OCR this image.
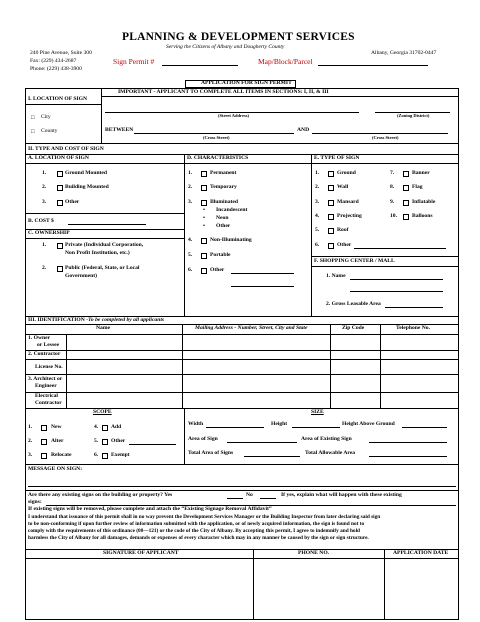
PLANNING & DEVELOPMENT SERVICES
Serving the Citizens of Albany and Dougherty County
240 Pine Avenue, Suite 300	Albany, Georgia 31702-0447
Fax: (229) 434-2687
Phone: (229) 438-3900
Sign Permit #	Map/Block/Parcel
APPLICATION FOR SIGN PERMIT
I. LOCATION OF SIGN
IMPORTANT - APPLICANT TO COMPLETE ALL ITEMS IN SECTIONS: I, II, & III
□ City
□ County
(Street Address)	(Zoning District)
BETWEEN	AND
(Cross Street)	(Cross Street)
II. TYPE AND COST OF SIGN
A. LOCATION OF SIGN
1.	Ground Mounted
2.	Building Mounted
3.	Other
B. COST $
C. OWNERSHIP
1.	Private (Individual Corporation,
Non Profit Institution, etc.)
2.	Public (Federal, State, or Local
Government)
D. CHARACTERISTICS
1.	Permanent
2.	Temporary
3.	Illuminated
• Incandescent
• Neon
• Other
4.	Non-Illuminating
5.	Portable
6.	Other
E. TYPE OF SIGN
1.	Ground
2.	Wall
3.	Mansard
4.	Projecting
5.	Roof
6.	Other
7.	Banner
8.	Flag
9.	Inflatable
10.	Balloons
F. SHOPPING CENTER / MALL
1. Name
2. Gross Leasable Area
III. IDENTIFICATION - To be completed by all applicants
Name	Mailing Address - Number, Street, City and State	Zip Code	Telephone No.
1. Owner
or Lessee
2. Contractor
License No.
3. Architect or
Engineer
Electrical
Contractor
SCOPE	SIZE
1.	New
2.	Alter
3.	Relocate
4. Add
5. Other
6. Exempt
Width	Height	Height Above Ground
Area of Sign	Area of Existing Sign
Total Area of Signs	Total Allowable Area
MESSAGE ON SIGN:
Are there any existing signs on the building or property? Yes	No	If yes, explain what will happen with these existing
signs:
If existing signs will be removed, please complete and attach the “Existing Signage Removal Affidavit”
I understand that issuance of this permit shall in no way prevent the Development Services Manager or the Building Inspector from later declaring said sign
to be non-conforming if upon further review of information submitted with the application, or of newly acquired information, the sign is found not to
comply with the requirements of this ordinance (08—121) or the code of the City of Albany. By accepting this permit, I agree to indemnify and hold
harmless the City of Albany for all damages, demands or expenses of every character which may in any manner be caused by the sign or sign structure.
SIGNATURE OF APPLICANT	PHONE NO.	APPLICATION DATE
